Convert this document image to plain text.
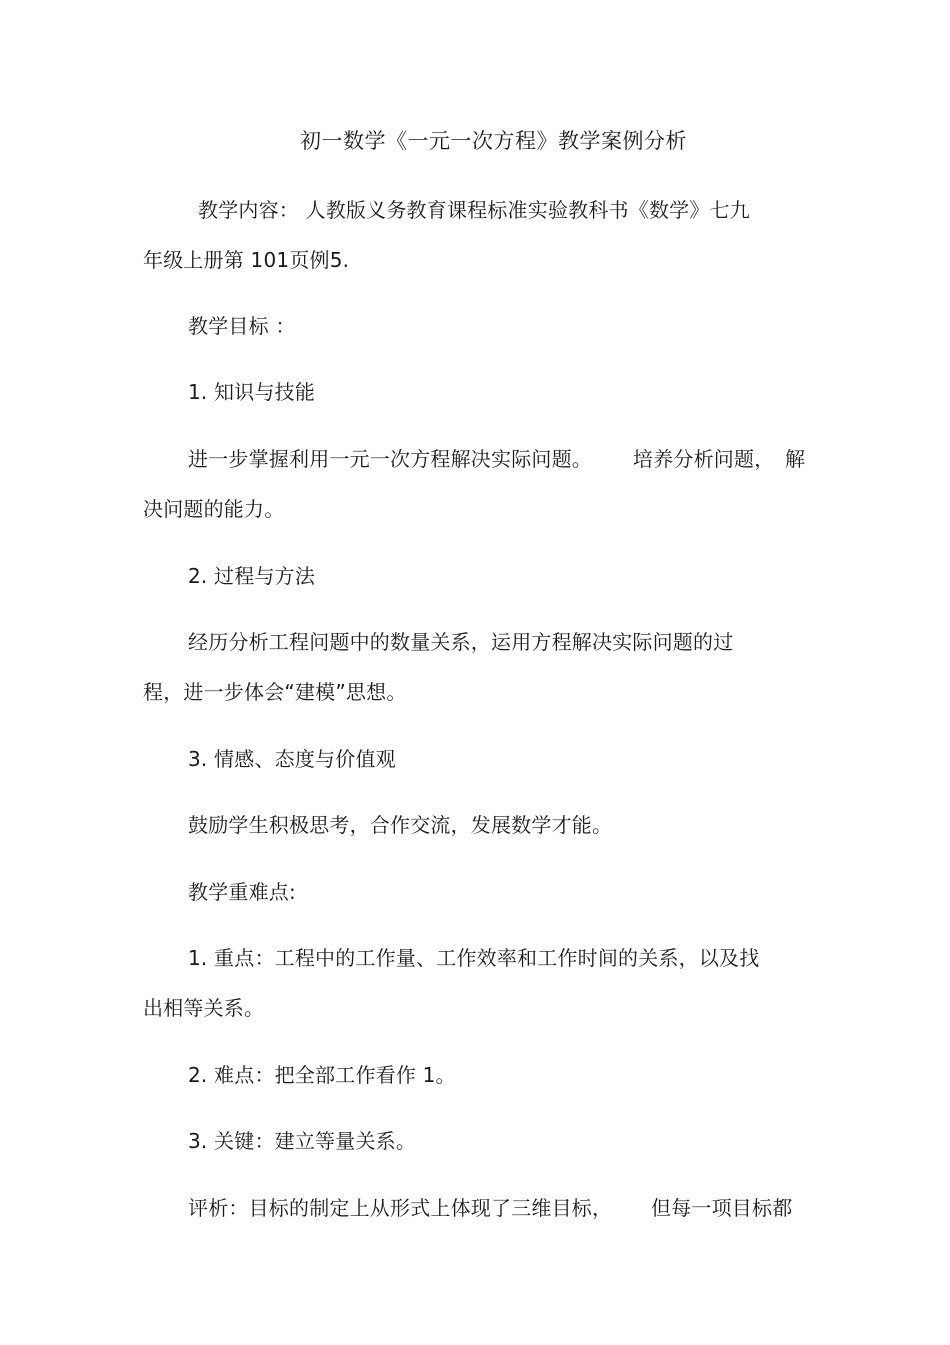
初一数学《一元一次方程》教学案例分析
教学内容： 人教版义务教育课程标准实验教科书《数学》七九
年级上册第 101页例5.
教学目标 ：
1. 知识与技能
进一步掌握利用一元一次方程解决实际问题。 培养分析问题， 解
决问题的能力。
2. 过程与方法
经历分析工程问题中的数量关系，运用方程解决实际问题的过
程，进一步体会“建模”思想。
3. 情感、态度与价值观
鼓励学生积极思考，合作交流，发展数学才能。
教学重难点:
1. 重点：工程中的工作量、工作效率和工作时间的关系，以及找
出相等关系。
2. 难点：把全部工作看作 1。
3. 关键：建立等量关系。
评析：目标的制定上从形式上体现了三维目标， 但每一项目标都
